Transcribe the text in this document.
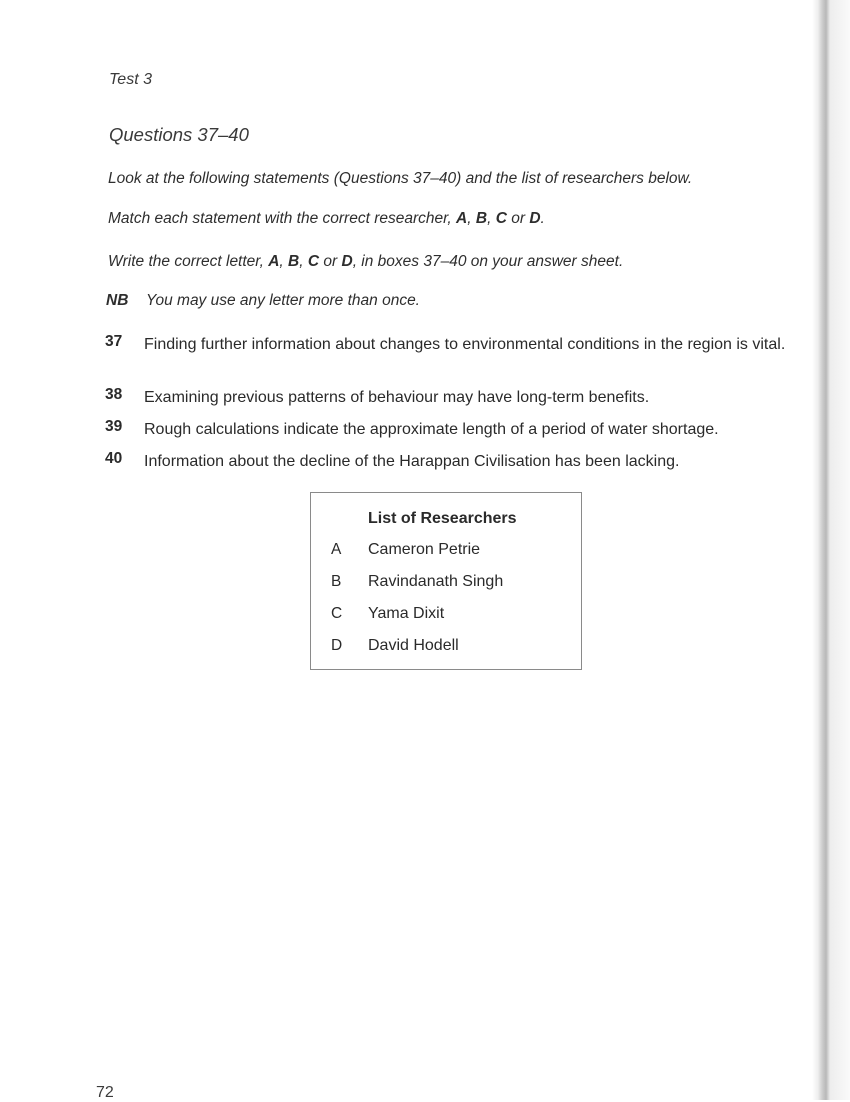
Test 3
Questions 37–40
Look at the following statements (Questions 37–40) and the list of researchers below.
Match each statement with the correct researcher, A, B, C or D.
Write the correct letter, A, B, C or D, in boxes 37–40 on your answer sheet.
NB You may use any letter more than once.
37 Finding further information about changes to environmental conditions in the region is vital.
38 Examining previous patterns of behaviour may have long-term benefits.
39 Rough calculations indicate the approximate length of a period of water shortage.
40 Information about the decline of the Harappan Civilisation has been lacking.
List of Researchers
A Cameron Petrie
B Ravindanath Singh
C Yama Dixit
D David Hodell
72
